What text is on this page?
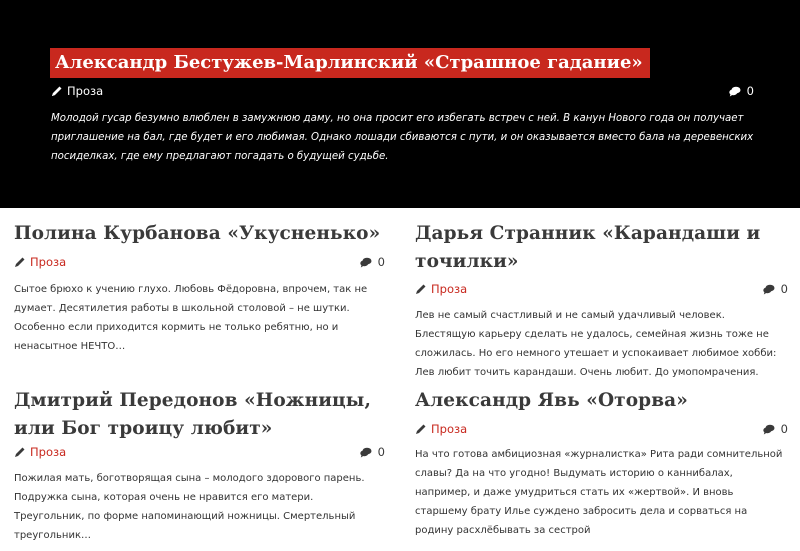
Александр Бестужев-Марлинский «Страшное гадание»
Проза	0
Молодой гусар безумно влюблен в замужнюю даму, но она просит его избегать встреч с ней. В канун Нового года он получает приглашение на бал, где будет и его любимая. Однако лошади сбиваются с пути, и он оказывается вместо бала на деревенских посиделках, где ему предлагают погадать о будущей судьбе.
Полина Курбанова «Укусненько»
Проза	0
Сытое брюхо к учению глухо. Любовь Фёдоровна, впрочем, так не думает. Десятилетия работы в школьной столовой – не шутки. Особенно если приходится кормить не только ребятню, но и ненасытное НЕЧТО…
Дарья Странник «Карандаши и точилки»
Проза	0
Лев не самый счастливый и не самый удачливый человек. Блестящую карьеру сделать не удалось, семейная жизнь тоже не сложилась. Но его немного утешает и успокаивает любимое хобби: Лев любит точить карандаши. Очень любит. До умопомрачения.
Дмитрий Передонов «Ножницы, или Бог троицу любит»
Проза	0
Пожилая мать, боготворящая сына – молодого здорового парень. Подружка сына, которая очень не нравится его матери. Треугольник, по форме напоминающий ножницы. Смертельный треугольник…
Александр Явь «Оторва»
Проза	0
На что готова амбициозная «журналистка» Рита ради сомнительной славы? Да на что угодно! Выдумать историю о каннибалах, например, и даже умудриться стать их «жертвой». И вновь старшему брату Илье суждено забросить дела и сорваться на родину расхлёбывать за сестрой
